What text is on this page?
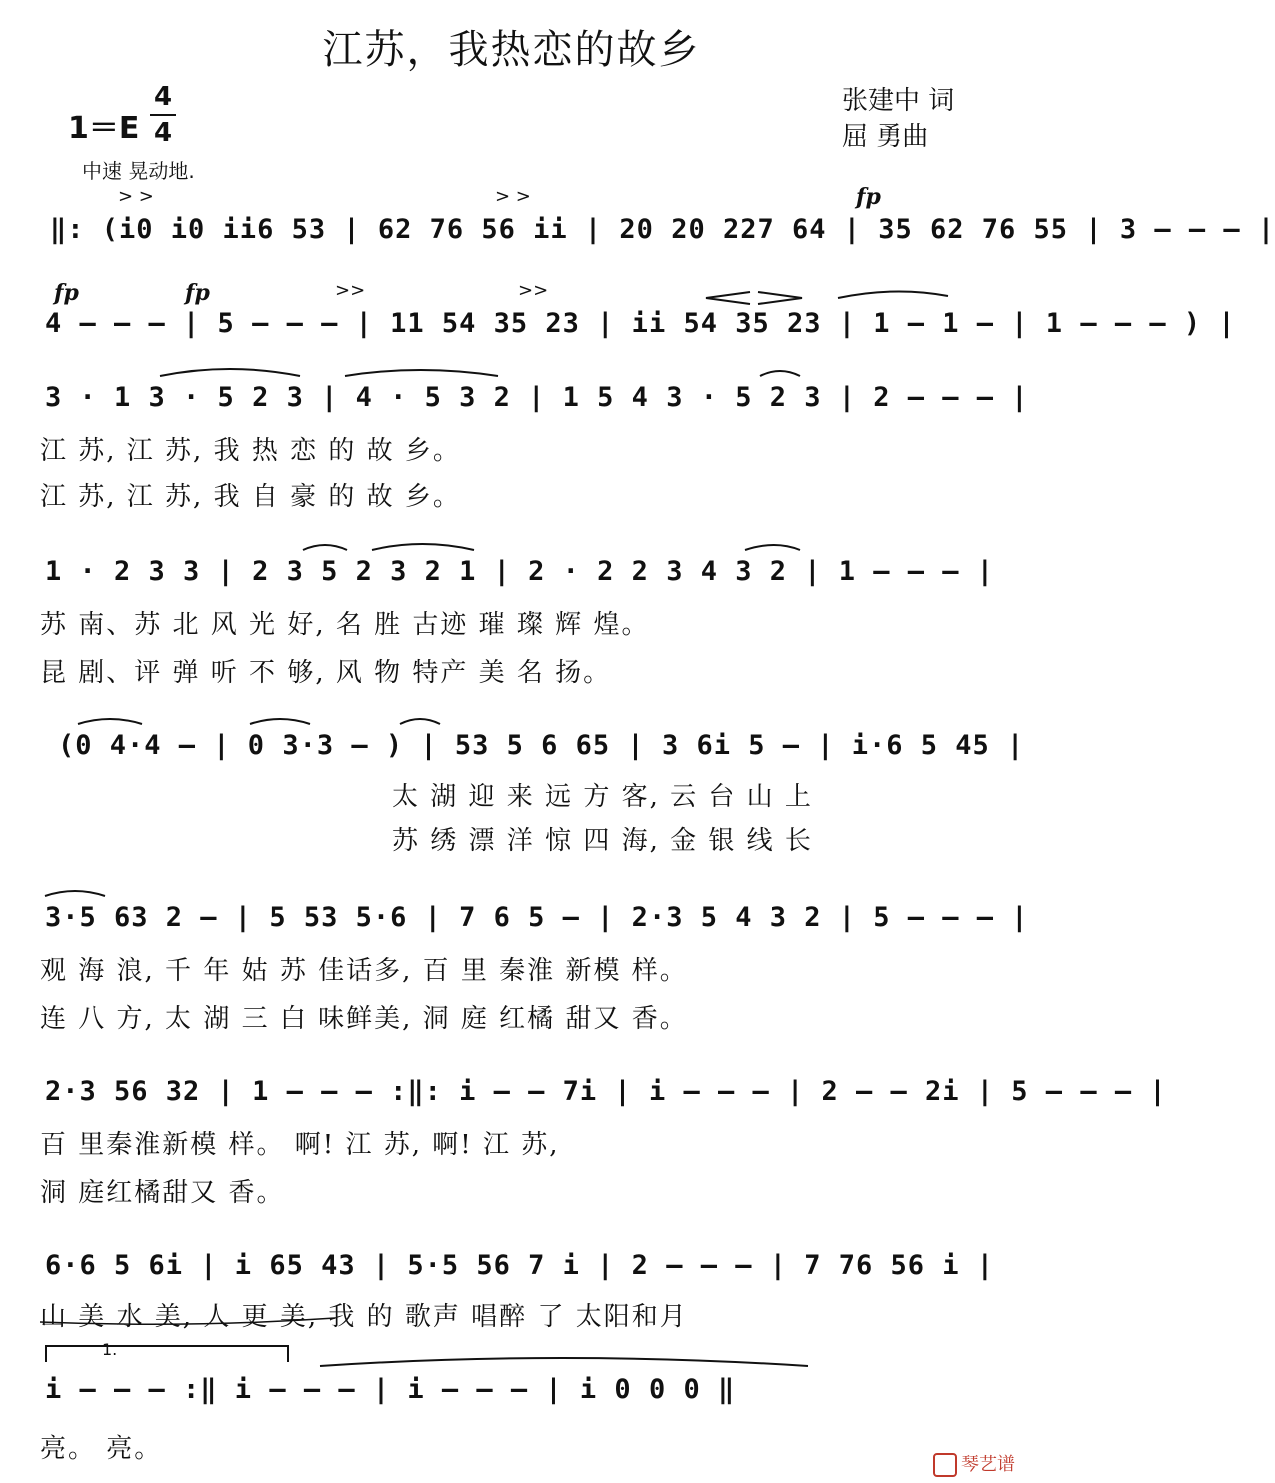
江苏，我热恋的故乡
张建中 词
屈 勇曲
1＝E
4
4
中速 晃动地.
> >	> >	fp
fp	fp	>>	>>
‖: (i0 i0 ii6 53 | 62 76 56 ii | 20 20 227 64 | 35 62 76 55 | 3 — — — |
4 — — — | 5 — — — | 11 54 35 23 | ii 54 35 23 | 1 — 1 — | 1 — — — ) |
3 · 1 3 · 5 2 3 | 4 · 5 3 2 | 1 5 4 3 · 5 2 3 | 2 — — — |
江 苏, 江 苏, 我 热 恋 的 故 乡。
江 苏, 江 苏, 我 自 豪 的 故 乡。
1 · 2 3 3 | 2 3 5 2 3 2 1 | 2 · 2 2 3 4 3 2 | 1 — — — |
苏 南、苏 北 风 光 好, 名 胜 古迹 璀 璨 辉 煌。
昆 剧、评 弹 听 不 够, 风 物 特产 美 名 扬。
(0 4·4 — | 0 3·3 — ) | 53 5 6 65 | 3 6i 5 — | i·6 5 45 |
太 湖 迎 来 远 方 客, 云 台 山 上
苏 绣 漂 洋 惊 四 海, 金 银 线 长
3·5 63 2 — | 5 53 5·6 | 7 6 5 — | 2·3 5 4 3 2 | 5 — — — |
观 海 浪, 千 年 姑 苏 佳话多, 百 里 秦淮 新模 样。
连 八 方, 太 湖 三 白 味鲜美, 洞 庭 红橘 甜又 香。
2·3 56 32 | 1 — — — :‖: i — — 7i | i — — — | 2 — — 2i | 5 — — — |
百 里秦淮新模 样。 啊! 江 苏, 啊! 江 苏,
洞 庭红橘甜又 香。
6·6 5 6i | i 65 43 | 5·5 56 7 i | 2 — — — | 7 76 56 i |
山 美 水 美, 人 更 美, 我 的 歌声 唱醉 了 太阳和月
1.
i — — — :‖ i — — — | i — — — | i 0 0 0 ‖
亮。 亮。
琴艺谱
